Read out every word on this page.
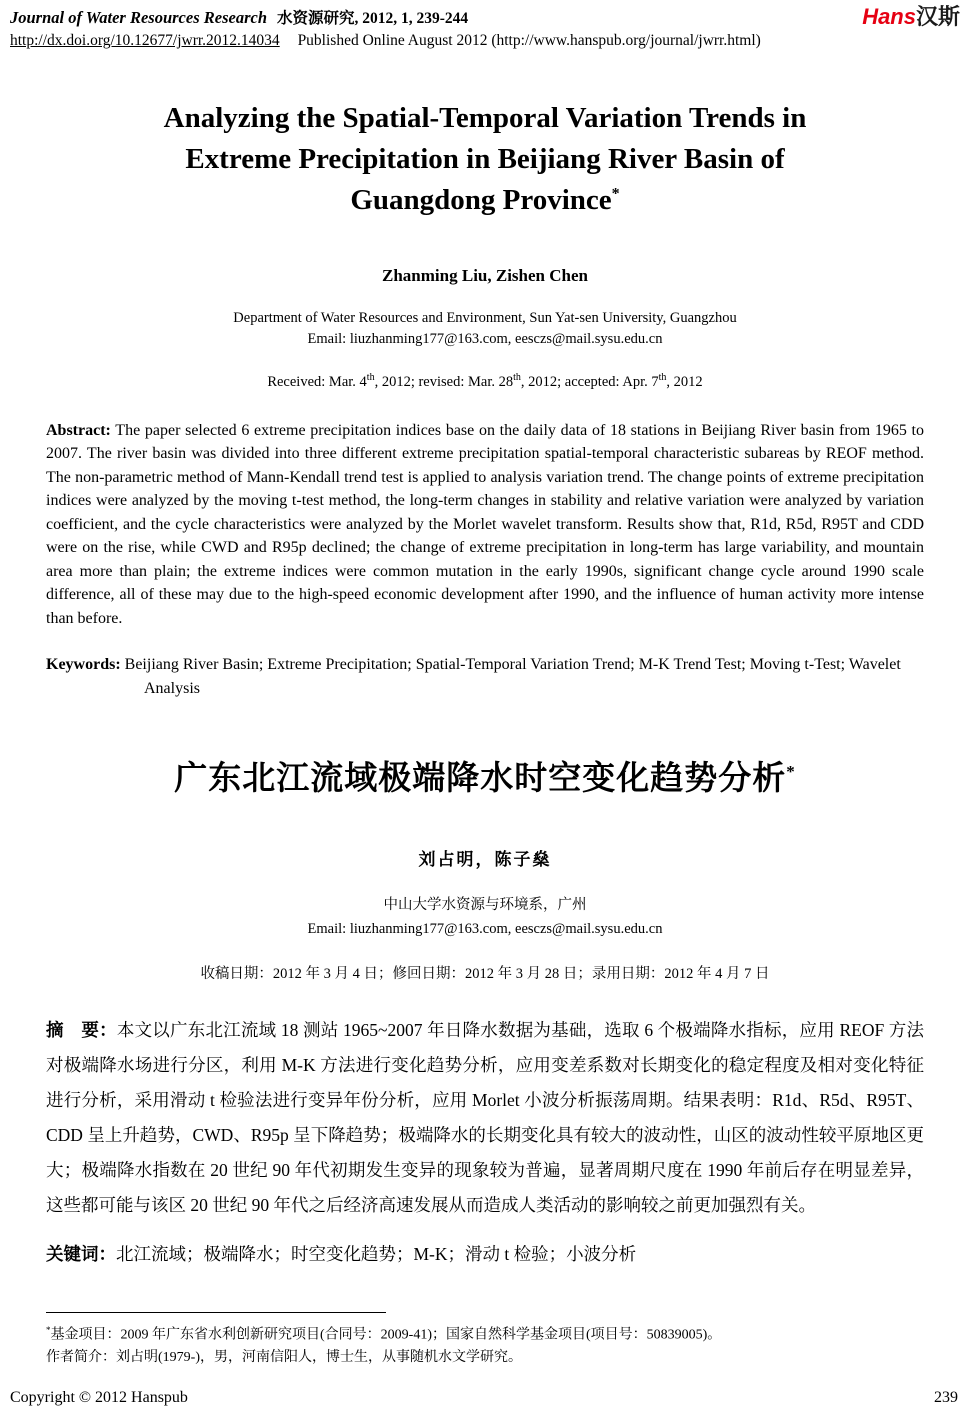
Journal of Water Resources Research 水资源研究, 2012, 1, 239-244	Hans汉斯
http://dx.doi.org/10.12677/jwrr.2012.14034 Published Online August 2012 (http://www.hanspub.org/journal/jwrr.html)
Analyzing the Spatial-Temporal Variation Trends in
Extreme Precipitation in Beijiang River Basin of
Guangdong Province*
Zhanming Liu, Zishen Chen
Department of Water Resources and Environment, Sun Yat-sen University, Guangzhou
Email: liuzhanming177@163.com, eesczs@mail.sysu.edu.cn
Received: Mar. 4th, 2012; revised: Mar. 28th, 2012; accepted: Apr. 7th, 2012

Abstract: The paper selected 6 extreme precipitation indices base on the daily data of 18 stations in Beijiang River basin from 1965 to 2007. The river basin was divided into three different extreme precipitation spatial-temporal characteristic subareas by REOF method. The non-parametric method of Mann-Kendall trend test is applied to analysis variation trend. The change points of extreme precipitation indices were analyzed by the moving t-test method, the long-term changes in stability and relative variation were analyzed by variation coefficient, and the cycle characteristics were analyzed by the Morlet wavelet transform. Results show that, R1d, R5d, R95T and CDD were on the rise, while CWD and R95p declined; the change of extreme precipitation in long-term has large variability, and mountain area more than plain; the extreme indices were common mutation in the early 1990s, significant change cycle around 1990 scale difference, all of these may due to the high-speed economic development after 1990, and the influence of human activity more intense than before.

Keywords: Beijiang River Basin; Extreme Precipitation; Spatial-Temporal Variation Trend; M-K Trend Test; Moving t-Test; Wavelet Analysis

广东北江流域极端降水时空变化趋势分析*
刘占明，陈子燊
中山大学水资源与环境系，广州
Email: liuzhanming177@163.com, eesczs@mail.sysu.edu.cn
收稿日期：2012 年 3 月 4 日；修回日期：2012 年 3 月 28 日；录用日期：2012 年 4 月 7 日

摘　要：本文以广东北江流域 18 测站 1965~2007 年日降水数据为基础，选取 6 个极端降水指标，应用 REOF 方法对极端降水场进行分区，利用 M-K 方法进行变化趋势分析，应用变差系数对长期变化的稳定程度及相对变化特征进行分析，采用滑动 t 检验法进行变异年份分析，应用 Morlet 小波分析振荡周期。结果表明：R1d、R5d、R95T、CDD 呈上升趋势，CWD、R95p 呈下降趋势；极端降水的长期变化具有较大的波动性，山区的波动性较平原地区更大；极端降水指数在 20 世纪 90 年代初期发生变异的现象较为普遍，显著周期尺度在 1990 年前后存在明显差异，这些都可能与该区 20 世纪 90 年代之后经济高速发展从而造成人类活动的影响较之前更加强烈有关。

关键词：北江流域；极端降水；时空变化趋势；M-K；滑动 t 检验；小波分析

*基金项目：2009 年广东省水利创新研究项目(合同号：2009-41)；国家自然科学基金项目(项目号：50839005)。
作者简介：刘占明(1979-)，男，河南信阳人，博士生，从事随机水文学研究。
Copyright © 2012 Hanspub	239
